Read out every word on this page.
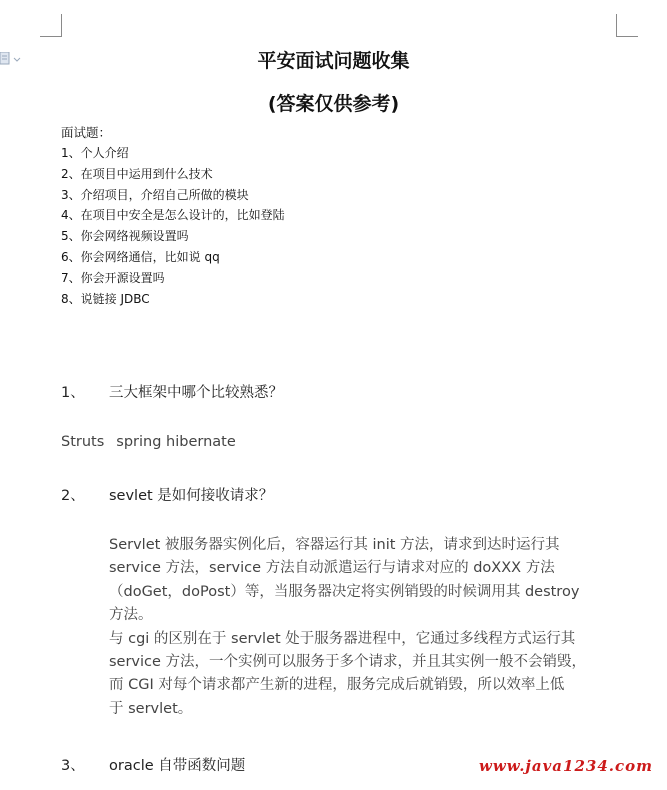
平安面试问题收集
(答案仅供参考)
面试题：
1、个人介绍
2、在项目中运用到什么技术
3、介绍项目，介绍自己所做的模块
4、在项目中安全是怎么设计的，比如登陆
5、你会网络视频设置吗
6、你会网络通信，比如说 qq
7、你会开源设置吗
8、说链接 JDBC
1、 三大框架中哪个比较熟悉？
Struts spring hibernate
2、 sevlet 是如何接收请求？

Servlet 被服务器实例化后，容器运行其 init 方法，请求到达时运行其
service 方法，service 方法自动派遣运行与请求对应的 doXXX 方法
（doGet，doPost）等，当服务器决定将实例销毁的时候调用其 destroy
方法。

与 cgi 的区别在于 servlet 处于服务器进程中，它通过多线程方式运行其
service 方法，一个实例可以服务于多个请求，并且其实例一般不会销毁，
而 CGI 对每个请求都产生新的进程，服务完成后就销毁，所以效率上低
于 servlet。

3、 oracle 自带函数问题	www.java1234.com
